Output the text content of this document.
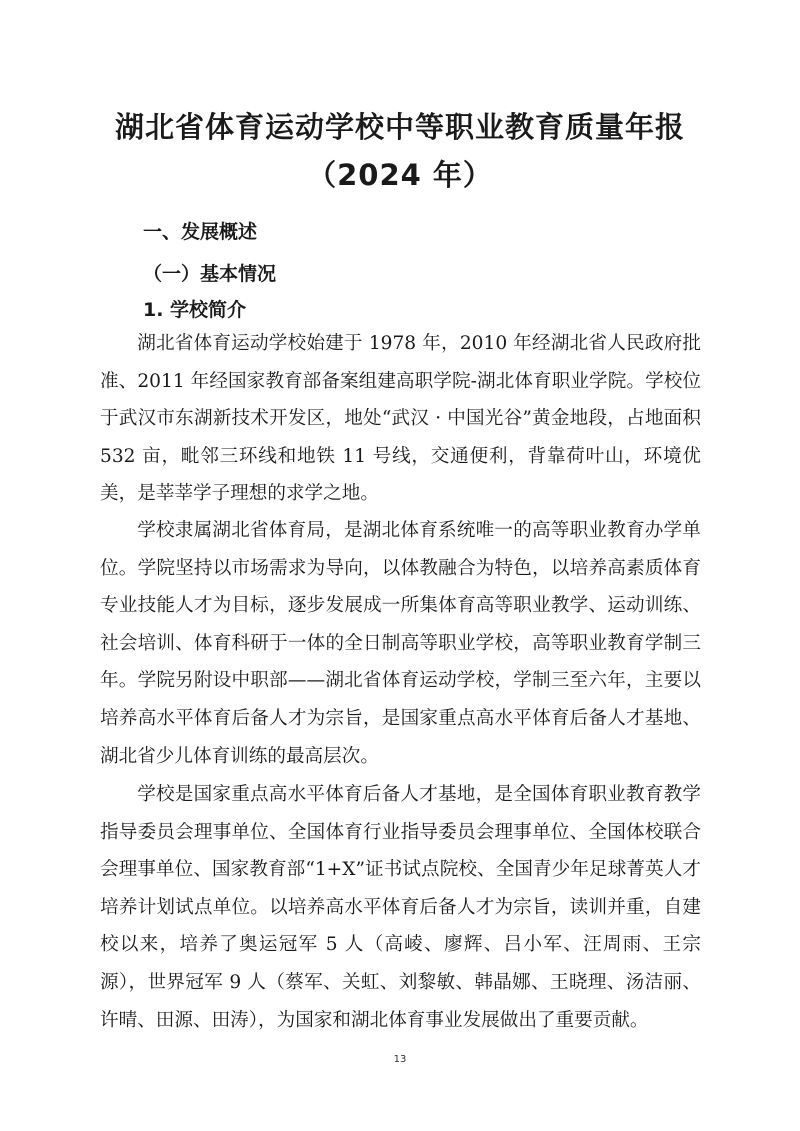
湖北省体育运动学校中等职业教育质量年报
（2024 年）
一、发展概述
（一）基本情况
1. 学校简介

湖北省体育运动学校始建于 1978 年，2010 年经湖北省人民政府批准、2011 年经国家教育部备案组建高职学院-湖北体育职业学院。学校位于武汉市东湖新技术开发区，地处“武汉 · 中国光谷”黄金地段，占地面积 532 亩，毗邻三环线和地铁 11 号线，交通便利，背靠荷叶山，环境优美，是莘莘学子理想的求学之地。

学校隶属湖北省体育局，是湖北体育系统唯一的高等职业教育办学单位。学院坚持以市场需求为导向，以体教融合为特色，以培养高素质体育专业技能人才为目标，逐步发展成一所集体育高等职业教学、运动训练、社会培训、体育科研于一体的全日制高等职业学校，高等职业教育学制三年。学院另附设中职部——湖北省体育运动学校，学制三至六年，主要以培养高水平体育后备人才为宗旨，是国家重点高水平体育后备人才基地、湖北省少儿体育训练的最高层次。

学校是国家重点高水平体育后备人才基地，是全国体育职业教育教学指导委员会理事单位、全国体育行业指导委员会理事单位、全国体校联合会理事单位、国家教育部“1+X”证书试点院校、全国青少年足球菁英人才培养计划试点单位。以培养高水平体育后备人才为宗旨，读训并重，自建校以来，培养了奥运冠军 5 人（高崚、廖辉、吕小军、汪周雨、王宗源），世界冠军 9 人（蔡军、关虹、刘黎敏、韩晶娜、王晓理、汤洁丽、许晴、田源、田涛），为国家和湖北体育事业发展做出了重要贡献。

13
